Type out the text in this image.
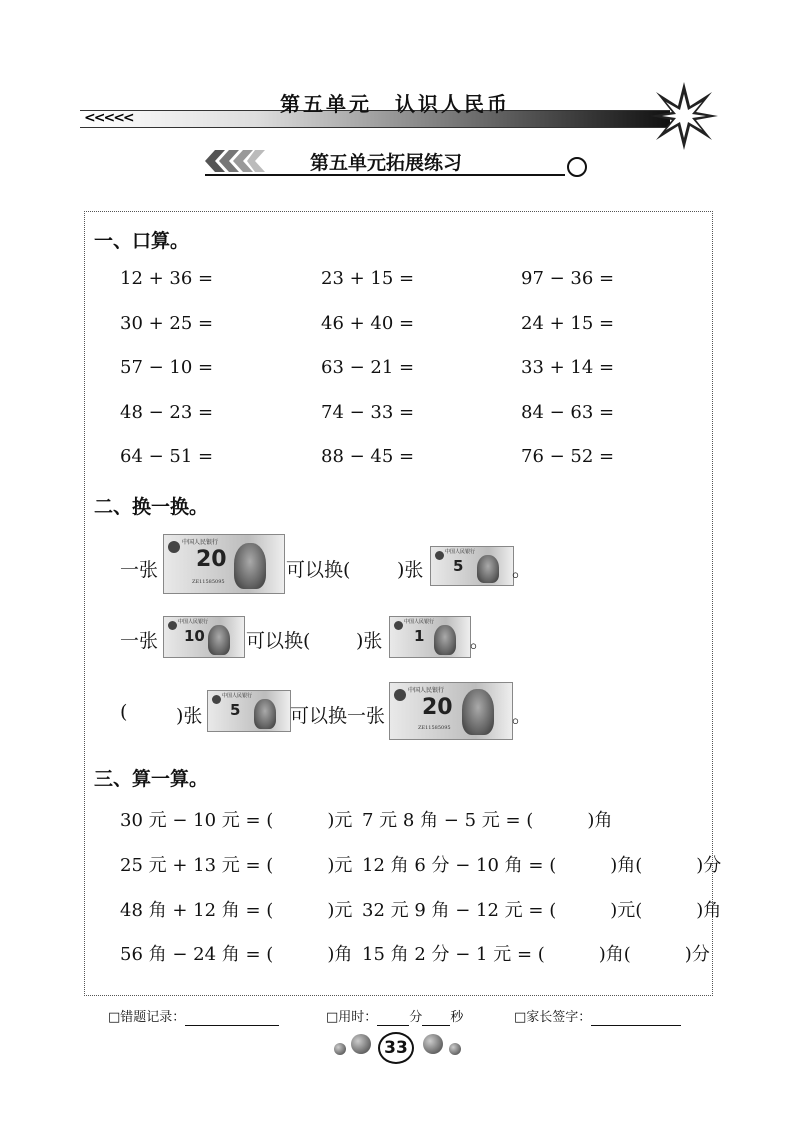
<<<<<
第五单元　认识人民币
第五单元拓展练习
一、口算。
12 + 36 =	23 + 15 =	97 − 36 =
30 + 25 =	46 + 40 =	24 + 15 =
57 − 10 =	63 − 21 =	33 + 14 =
48 − 23 =	74 − 33 =	84 − 63 =
64 − 51 =	88 − 45 =	76 − 52 =
二、换一换。
一张
中国人民银行
20
ZE11585095
可以换( )张
中国人民银行
5	。
一张
中国人民银行
10 可以换( )张
中国人民银行
1 。
(	)张
中国人民银行
5	可以换一张
中国人民银行
20
ZE11585095
。
三、算一算。
30 元 − 10 元 = (　　　)元 7 元 8 角 − 5 元 = (　　　)角
25 元 + 13 元 = (　　　)元 12 角 6 分 − 10 角 = (　　　)角(　　　)分
48 角 + 12 角 = (　　　)元 32 元 9 角 − 12 元 = (　　　)元(　　　)角
56 角 − 24 角 = (　　　)角 15 角 2 分 − 1 元 = (　　　)角(　　　)分
□错题记录：	□用时： 分 秒	□家长签字：
33
